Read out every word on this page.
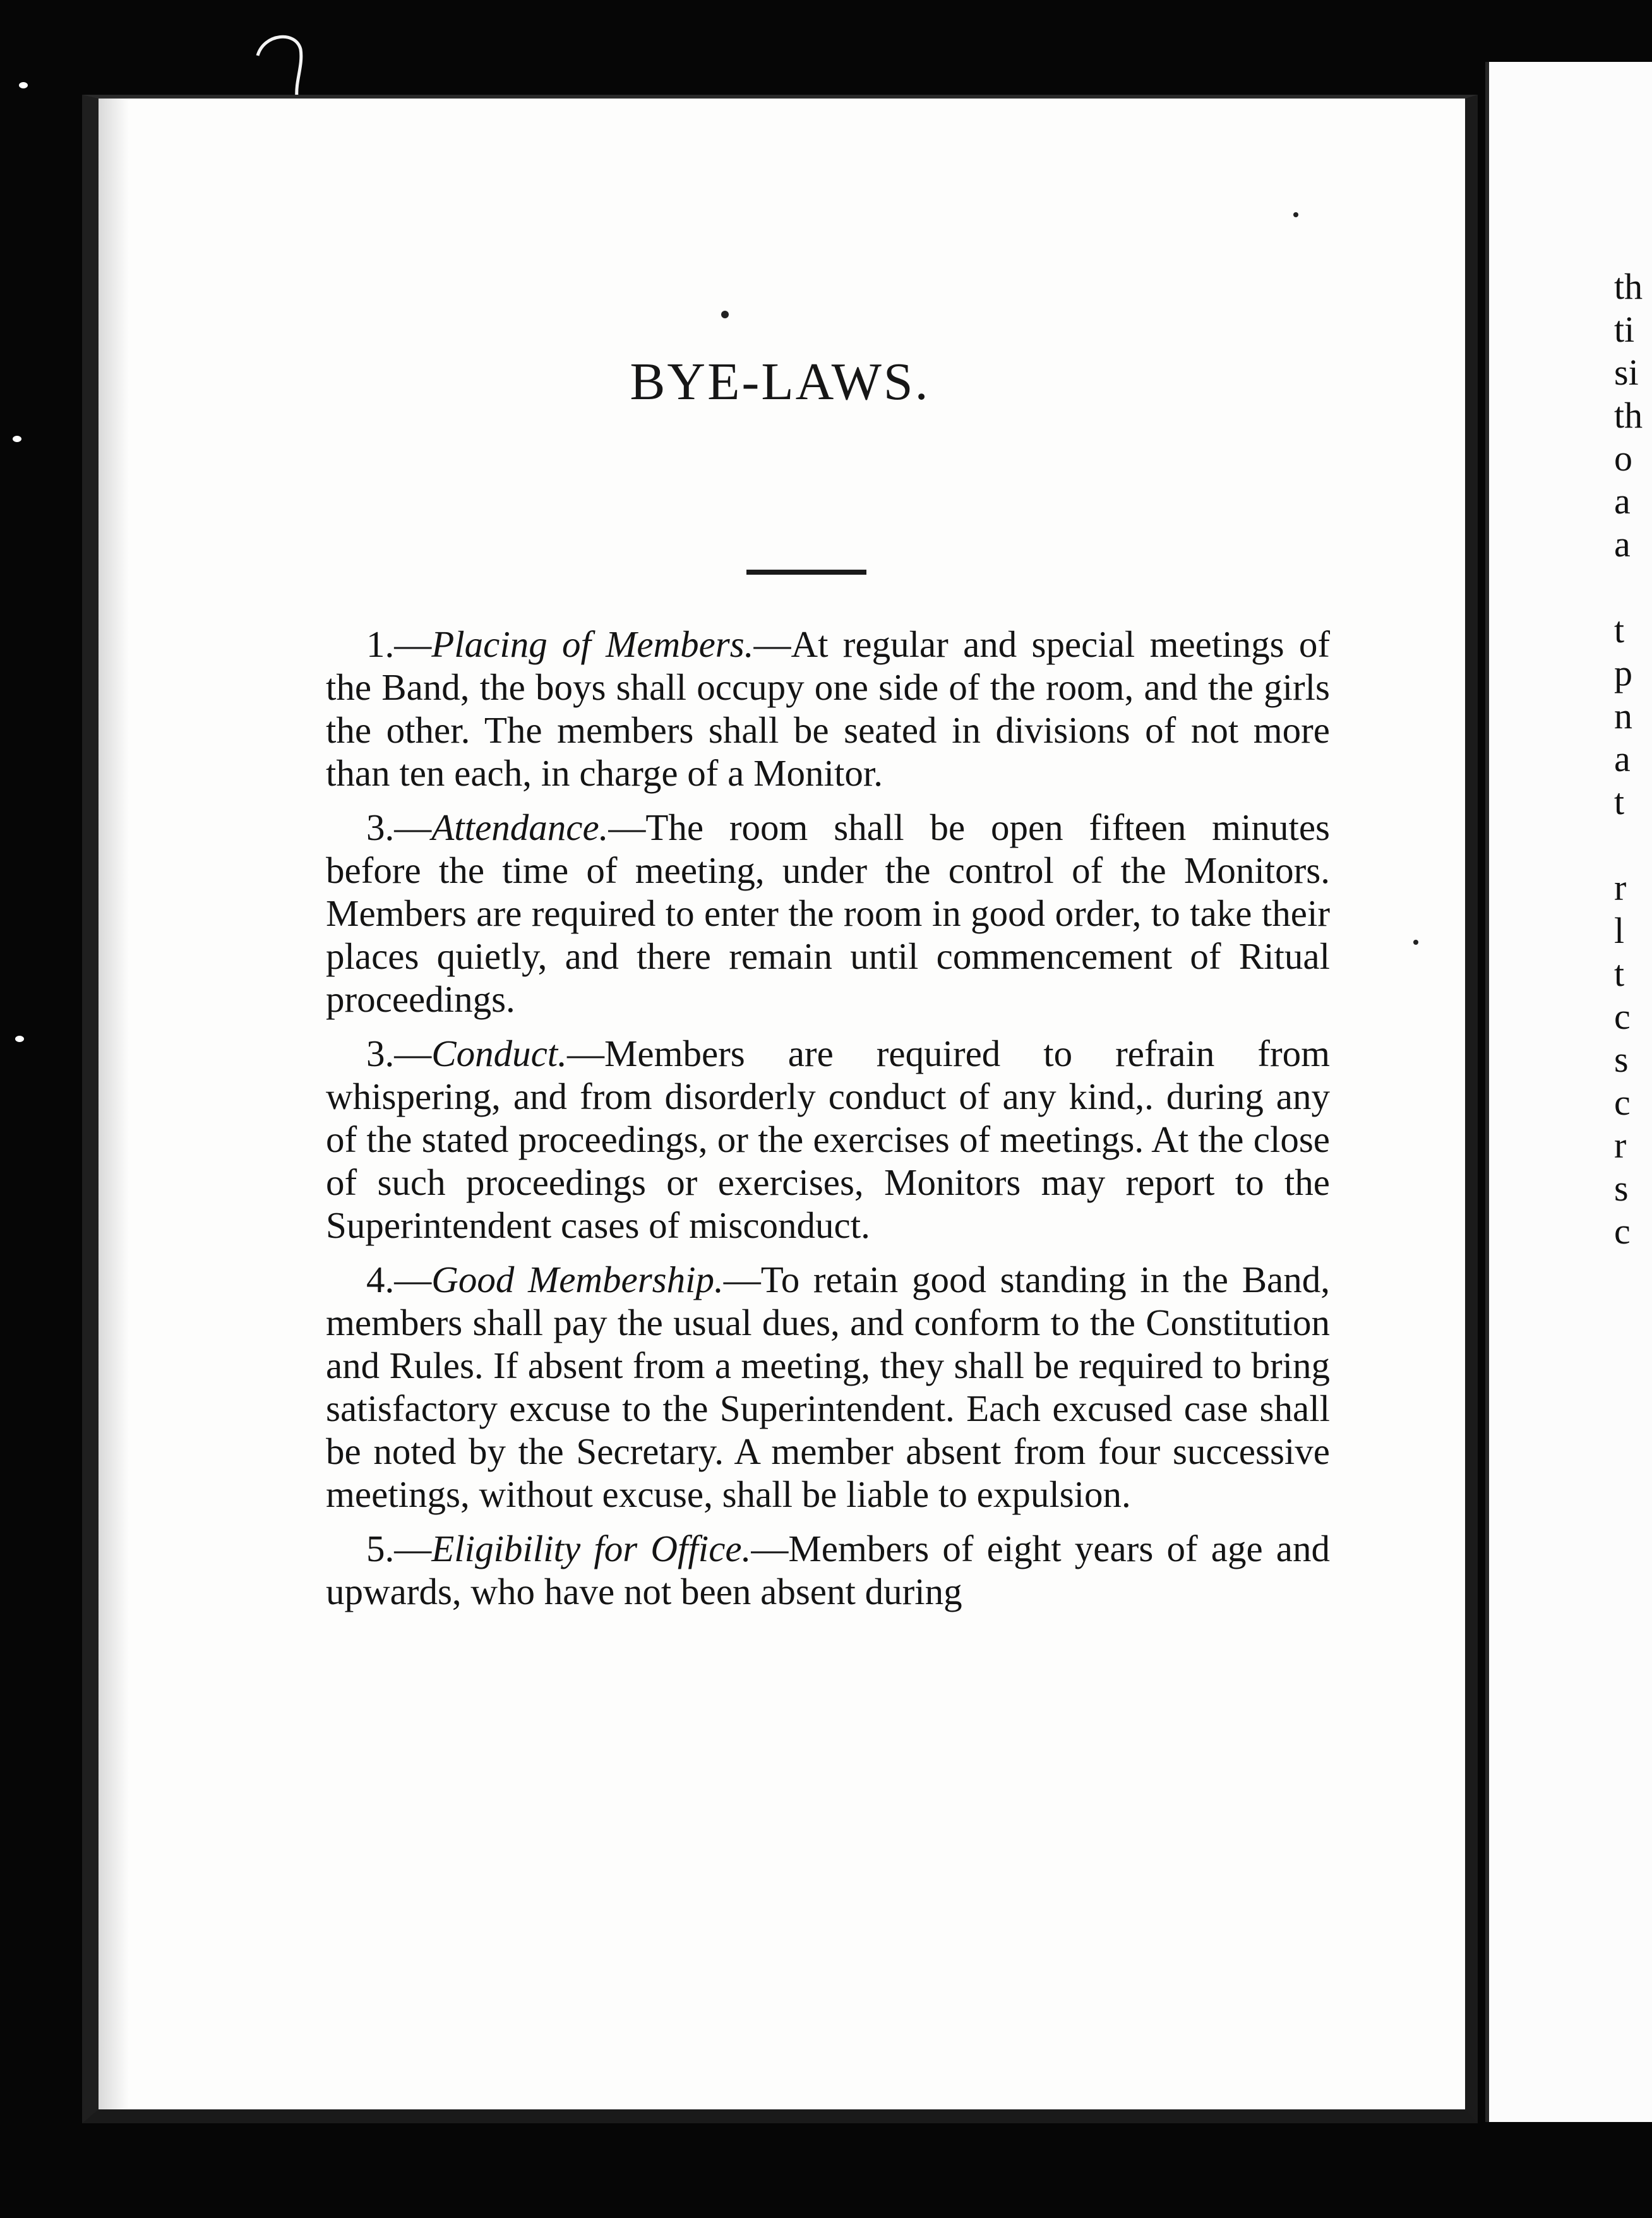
th
ti
si
th
o
a
a
t
p
n
a
t
r
l
t
c
s
c
r
s
c
BYE-LAWS.

1.—Placing of Members.—At regular and special meetings of the Band, the boys shall occupy one side of the room, and the girls the other. The members shall be seated in divisions of not more than ten each, in charge of a Monitor.

3.—Attendance.—The room shall be open fifteen minutes before the time of meeting, under the control of the Monitors. Members are required to enter the room in good order, to take their places quietly, and there remain until commencement of Ritual proceedings.

3.—Conduct.—Members are required to refrain from whispering, and from disorderly conduct of any kind,. during any of the stated proceedings, or the exercises of meetings. At the close of such proceedings or exercises, Monitors may report to the Superintendent cases of misconduct.

4.—Good Membership.—To retain good standing in the Band, members shall pay the usual dues, and conform to the Constitution and Rules. If absent from a meeting, they shall be required to bring satisfactory excuse to the Superintendent. Each excused case shall be noted by the Secretary. A member absent from four successive meetings, without excuse, shall be liable to expulsion.

5.—Eligibility for Office.—Members of eight years of age and upwards, who have not been absent during
